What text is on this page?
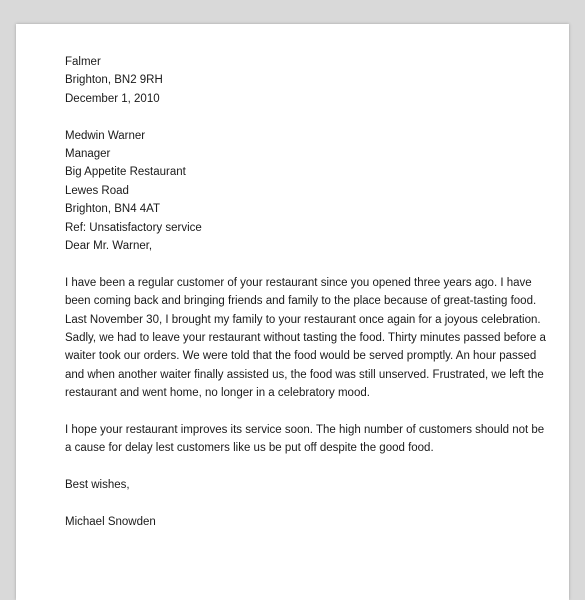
Falmer
Brighton, BN2 9RH
December 1, 2010
Medwin Warner
Manager
Big Appetite Restaurant
Lewes Road
Brighton, BN4 4AT
Ref: Unsatisfactory service
Dear Mr. Warner,
I have been a regular customer of your restaurant since you opened three years ago. I have
been coming back and bringing friends and family to the place because of great-tasting food.
Last November 30, I brought my family to your restaurant once again for a joyous celebration.
Sadly, we had to leave your restaurant without tasting the food. Thirty minutes passed before a
waiter took our orders. We were told that the food would be served promptly. An hour passed
and when another waiter finally assisted us, the food was still unserved. Frustrated, we left the
restaurant and went home, no longer in a celebratory mood.
I hope your restaurant improves its service soon. The high number of customers should not be
a cause for delay lest customers like us be put off despite the good food.
Best wishes,
Michael Snowden
